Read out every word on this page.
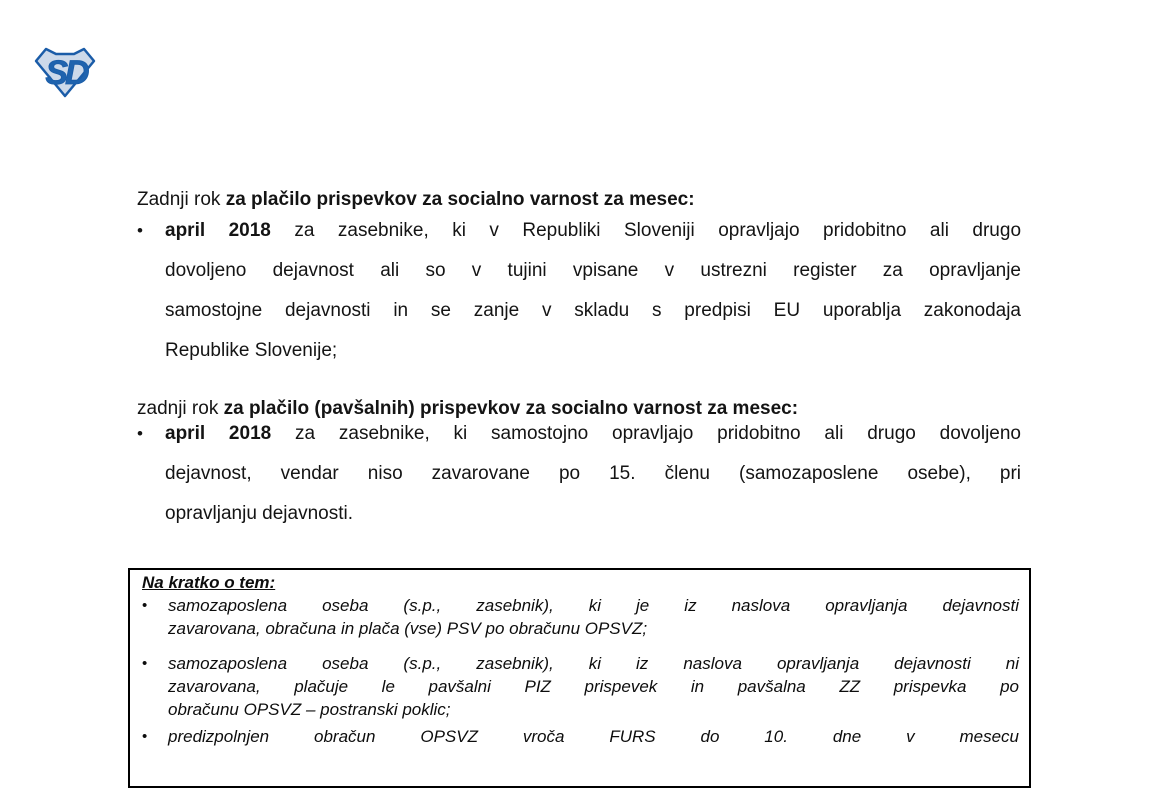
SD

Zadnji rok za plačilo prispevkov za socialno varnost za mesec:

•	april 2018 za zasebnike, ki v Republiki Sloveniji opravljajo pridobitno ali drugo
dovoljeno dejavnost ali so v tujini vpisane v ustrezni register za opravljanje
samostojne dejavnosti in se zanje v skladu s predpisi EU uporablja zakonodaja
Republike Slovenije;

zadnji rok za plačilo (pavšalnih) prispevkov za socialno varnost za mesec:

•	april 2018 za zasebnike, ki samostojno opravljajo pridobitno ali drugo dovoljeno
dejavnost, vendar niso zavarovane po 15. členu (samozaposlene osebe), pri
opravljanju dejavnosti.

Na kratko o tem:

•	samozaposlena oseba (s.p., zasebnik), ki je iz naslova opravljanja dejavnosti
zavarovana, obračuna in plača (vse) PSV po obračunu OPSVZ;
•	samozaposlena oseba (s.p., zasebnik), ki iz naslova opravljanja dejavnosti ni
zavarovana, plačuje le pavšalni PIZ prispevek in pavšalna ZZ prispevka po
obračunu OPSVZ – postranski poklic;
•	predizpolnjen obračun OPSVZ vroča FURS do 10. dne v mesecu
